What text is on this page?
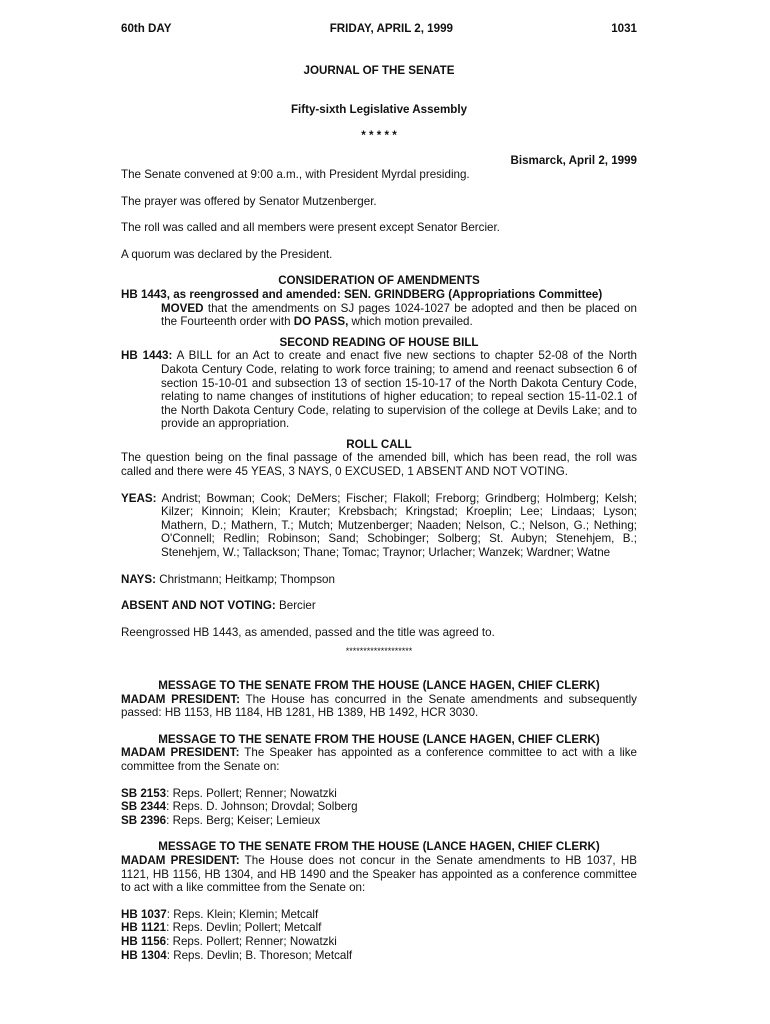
60th DAY	FRIDAY, APRIL 2, 1999	1031

JOURNAL OF THE SENATE

Fifty-sixth Legislative Assembly

* * * * *

Bismarck, April 2, 1999

The Senate convened at 9:00 a.m., with President Myrdal presiding.

The prayer was offered by Senator Mutzenberger.

The roll was called and all members were present except Senator Bercier.

A quorum was declared by the President.

CONSIDERATION OF AMENDMENTS

HB 1443, as reengrossed and amended: SEN. GRINDBERG (Appropriations Committee)

MOVED that the amendments on SJ pages 1024-1027 be adopted and then be placed on the Fourteenth order with DO PASS, which motion prevailed.

SECOND READING OF HOUSE BILL

HB 1443: A BILL for an Act to create and enact five new sections to chapter 52-08 of the North Dakota Century Code, relating to work force training; to amend and reenact subsection 6 of section 15-10-01 and subsection 13 of section 15-10-17 of the North Dakota Century Code, relating to name changes of institutions of higher education; to repeal section 15-11-02.1 of the North Dakota Century Code, relating to supervision of the college at Devils Lake; and to provide an appropriation.

ROLL CALL

The question being on the final passage of the amended bill, which has been read, the roll was called and there were 45 YEAS, 3 NAYS, 0 EXCUSED, 1 ABSENT AND NOT VOTING.

YEAS: Andrist; Bowman; Cook; DeMers; Fischer; Flakoll; Freborg; Grindberg; Holmberg; Kelsh; Kilzer; Kinnoin; Klein; Krauter; Krebsbach; Kringstad; Kroeplin; Lee; Lindaas; Lyson; Mathern, D.; Mathern, T.; Mutch; Mutzenberger; Naaden; Nelson, C.; Nelson, G.; Nething; O'Connell; Redlin; Robinson; Sand; Schobinger; Solberg; St. Aubyn; Stenehjem, B.; Stenehjem, W.; Tallackson; Thane; Tomac; Traynor; Urlacher; Wanzek; Wardner; Watne

NAYS: Christmann; Heitkamp; Thompson

ABSENT AND NOT VOTING: Bercier

Reengrossed HB 1443, as amended, passed and the title was agreed to.

*******************

MESSAGE TO THE SENATE FROM THE HOUSE (LANCE HAGEN, CHIEF CLERK)

MADAM PRESIDENT: The House has concurred in the Senate amendments and subsequently passed: HB 1153, HB 1184, HB 1281, HB 1389, HB 1492, HCR 3030.

MESSAGE TO THE SENATE FROM THE HOUSE (LANCE HAGEN, CHIEF CLERK)

MADAM PRESIDENT: The Speaker has appointed as a conference committee to act with a like committee from the Senate on:

SB 2153: Reps. Pollert; Renner; Nowatzki

SB 2344: Reps. D. Johnson; Drovdal; Solberg

SB 2396: Reps. Berg; Keiser; Lemieux

MESSAGE TO THE SENATE FROM THE HOUSE (LANCE HAGEN, CHIEF CLERK)

MADAM PRESIDENT: The House does not concur in the Senate amendments to HB 1037, HB 1121, HB 1156, HB 1304, and HB 1490 and the Speaker has appointed as a conference committee to act with a like committee from the Senate on:

HB 1037: Reps. Klein; Klemin; Metcalf

HB 1121: Reps. Devlin; Pollert; Metcalf

HB 1156: Reps. Pollert; Renner; Nowatzki

HB 1304: Reps. Devlin; B. Thoreson; Metcalf
